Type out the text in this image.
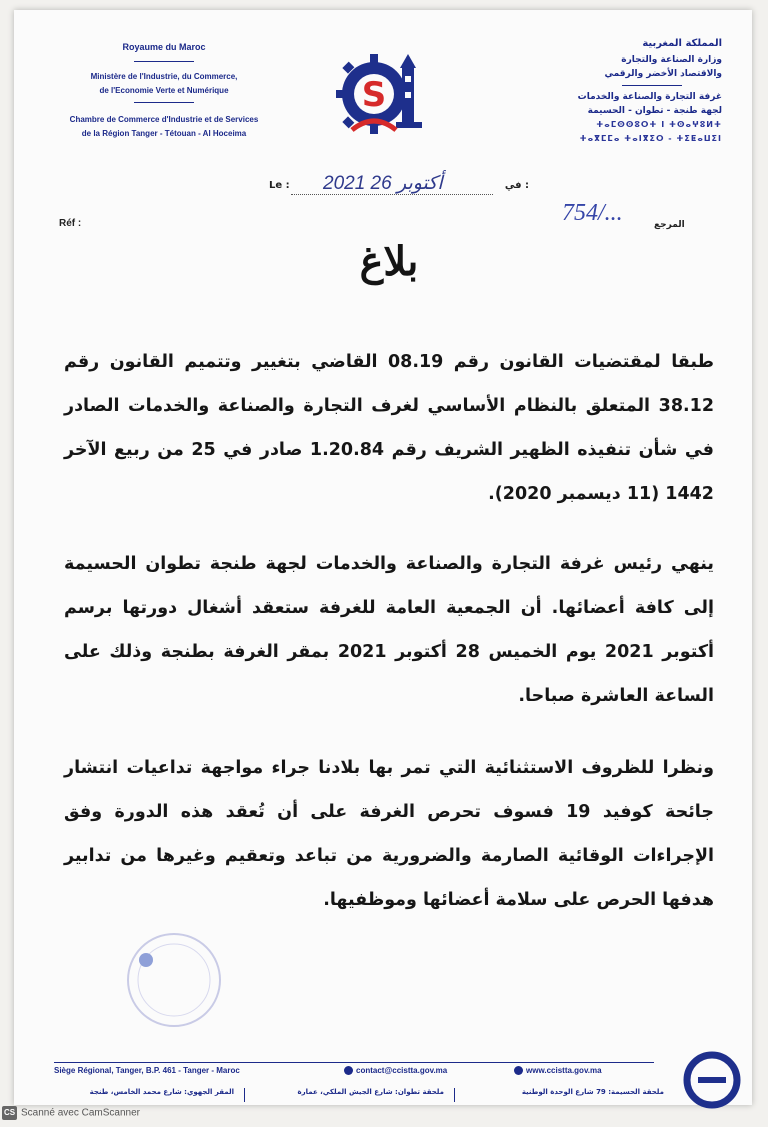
Royaume du Maroc
Ministère de l'Industrie, du Commerce,
de l'Economie Verte et Numérique
Chambre de Commerce d'Industrie et de Services
de la Région Tanger - Tétouan - Al Hoceima
S
المملكة المغربية
وزارة الصناعة والتجارة
والاقتصاد الأخضر والرقمي
غرفة التجارة والصناعة والخدمات
لجهة طنجة - تطوان - الحسيمة
ⵜⴰⵎⵙⵙⵓⵔⵜ ⵏ ⵜⵙⴰⵖⵓⵍⵜ
ⵜⴰⴳⵎⵎⴰ ⵜⴰⵏⴳⵉⵔ - ⵜⵉⵟⴰⵡⵉⵏ
Le : 2021 أكتوبر 26	في :
Réf :	754/...	المرجع
بلاغ
طبقا لمقتضيات القانون رقم 08.19 القاضي بتغيير وتتميم القانون رقم 38.12 المتعلق بالنظام الأساسي لغرف التجارة والصناعة والخدمات الصادر في شأن تنفيذه الظهير الشريف رقم 1.20.84 صادر في 25 من ربيع الآخر 1442 (11 ديسمبر 2020).
ينهي رئيس غرفة التجارة والصناعة والخدمات لجهة طنجة تطوان الحسيمة إلى كافة أعضائها. أن الجمعية العامة للغرفة ستعقد أشغال دورتها برسم أكتوبر 2021 يوم الخميس 28 أكتوبر 2021 بمقر الغرفة بطنجة وذلك على الساعة العاشرة صباحا.
ونظرا للظروف الاستثنائية التي تمر بها بلادنا جراء مواجهة تداعيات انتشار جائحة كوفيد 19 فسوف تحرص الغرفة على أن تُعقد هذه الدورة وفق الإجراءات الوقائية الصارمة والضرورية من تباعد وتعقيم وغيرها من تدابير هدفها الحرص على سلامة أعضائها وموظفيها.
Siège Régional, Tanger, B.P. 461 - Tanger - Maroc	contact@ccistta.gov.ma	www.ccistta.gov.ma
المقر الجهوي: شارع محمد الخامس، طنجة	ملحقة تطوان: شارع الجيش الملكي، عمارة	ملحقة الحسيمة: 79 شارع الوحدة الوطنية
CS Scanné avec CamScanner
